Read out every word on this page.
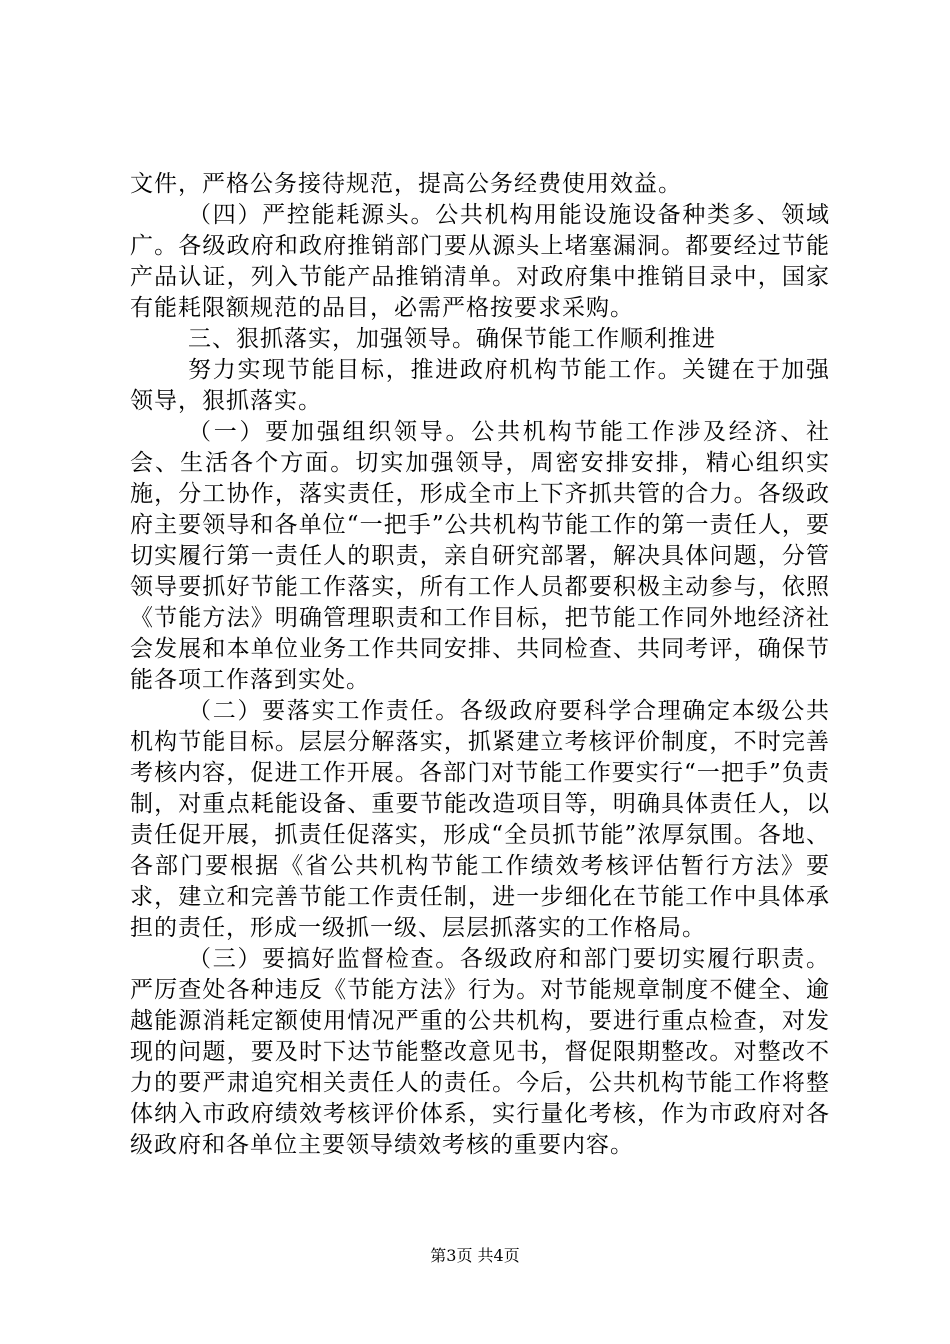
文件，严格公务接待规范，提高公务经费使用效益。

（四）严控能耗源头。公共机构用能设施设备种类多、领域广。各级政府和政府推销部门要从源头上堵塞漏洞。都要经过节能产品认证，列入节能产品推销清单。对政府集中推销目录中，国家有能耗限额规范的品目，必需严格按要求采购。

三、狠抓落实，加强领导。确保节能工作顺利推进

努力实现节能目标，推进政府机构节能工作。关键在于加强领导，狠抓落实。

（一）要加强组织领导。公共机构节能工作涉及经济、社会、生活各个方面。切实加强领导，周密安排安排，精心组织实施，分工协作，落实责任，形成全市上下齐抓共管的合力。各级政府主要领导和各单位“一把手”公共机构节能工作的第一责任人，要切实履行第一责任人的职责，亲自研究部署，解决具体问题，分管领导要抓好节能工作落实，所有工作人员都要积极主动参与，依照《节能方法》明确管理职责和工作目标，把节能工作同外地经济社会发展和本单位业务工作共同安排、共同检查、共同考评，确保节能各项工作落到实处。

（二）要落实工作责任。各级政府要科学合理确定本级公共机构节能目标。层层分解落实，抓紧建立考核评价制度，不时完善考核内容，促进工作开展。各部门对节能工作要实行“一把手”负责制，对重点耗能设备、重要节能改造项目等，明确具体责任人，以责任促开展，抓责任促落实，形成“全员抓节能”浓厚氛围。各地、各部门要根据《省公共机构节能工作绩效考核评估暂行方法》要求，建立和完善节能工作责任制，进一步细化在节能工作中具体承担的责任，形成一级抓一级、层层抓落实的工作格局。

（三）要搞好监督检查。各级政府和部门要切实履行职责。严厉查处各种违反《节能方法》行为。对节能规章制度不健全、逾越能源消耗定额使用情况严重的公共机构，要进行重点检查，对发现的问题，要及时下达节能整改意见书，督促限期整改。对整改不力的要严肃追究相关责任人的责任。今后，公共机构节能工作将整体纳入市政府绩效考核评价体系，实行量化考核，作为市政府对各级政府和各单位主要领导绩效考核的重要内容。

第3页 共4页
